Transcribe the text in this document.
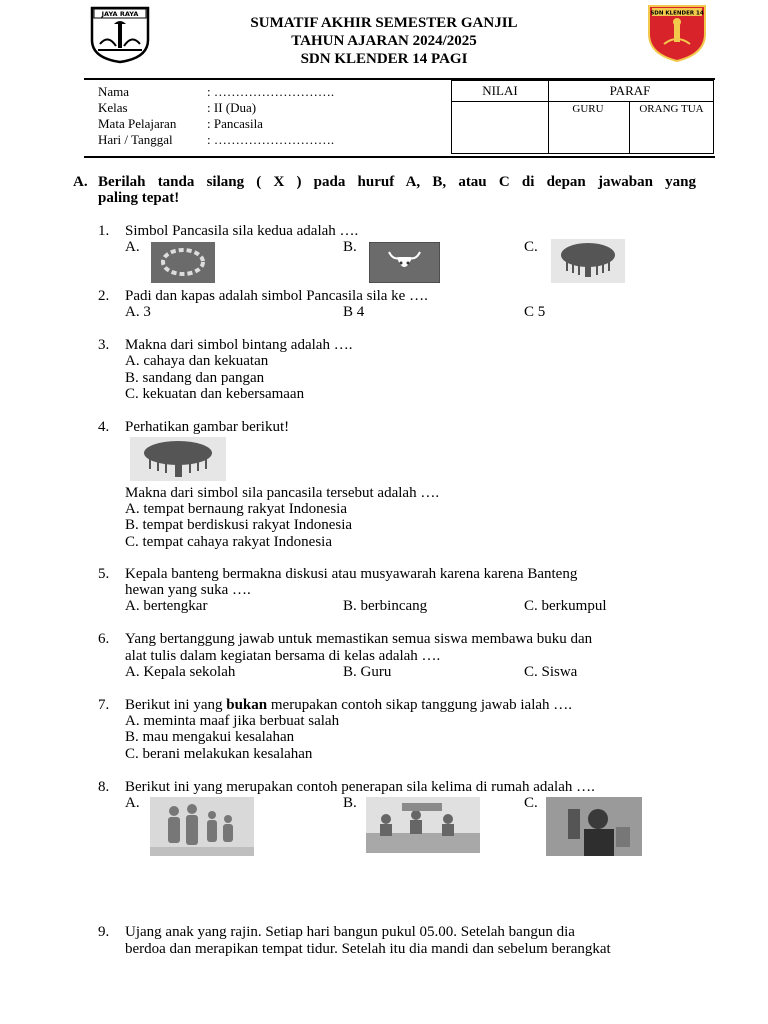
JAYA RAYA
SUMATIF AKHIR SEMESTER GANJIL
TAHUN AJARAN 2024/2025
SDN KLENDER 14 PAGI
SDN KLENDER 14
Nama	: ……………………….
Kelas	: II (Dua)
Mata Pelajaran : Pancasila
Hari / Tanggal	: ……………………….
NILAI	PARAF
GURU	ORANG TUA
A. Berilah tanda silang ( X ) pada huruf A, B, atau C di depan jawaban yang
paling tepat!
1. Simbol Pancasila sila kedua adalah ….
A.	B.	C.
2. Padi dan kapas adalah simbol Pancasila sila ke ….
A. 3	B 4	C 5
3. Makna dari simbol bintang adalah ….
A. cahaya dan kekuatan
B. sandang dan pangan
C. kekuatan dan kebersamaan
4. Perhatikan gambar berikut!
Makna dari simbol sila pancasila tersebut adalah ….
A. tempat bernaung rakyat Indonesia
B. tempat berdiskusi rakyat Indonesia
C. tempat cahaya rakyat Indonesia
5. Kepala banteng bermakna diskusi atau musyawarah karena karena Banteng
hewan yang suka ….
A. bertengkar	B. berbincang	C. berkumpul
6. Yang bertanggung jawab untuk memastikan semua siswa membawa buku dan
alat tulis dalam kegiatan bersama di kelas adalah ….
A. Kepala sekolah	B. Guru	C. Siswa
7. Berikut ini yang bukan merupakan contoh sikap tanggung jawab ialah ….
A. meminta maaf jika berbuat salah
B. mau mengakui kesalahan
C. berani melakukan kesalahan
8. Berikut ini yang merupakan contoh penerapan sila kelima di rumah adalah ….
A.	B.	C.
9. Ujang anak yang rajin. Setiap hari bangun pukul 05.00. Setelah bangun dia
berdoa dan merapikan tempat tidur. Setelah itu dia mandi dan sebelum berangkat
